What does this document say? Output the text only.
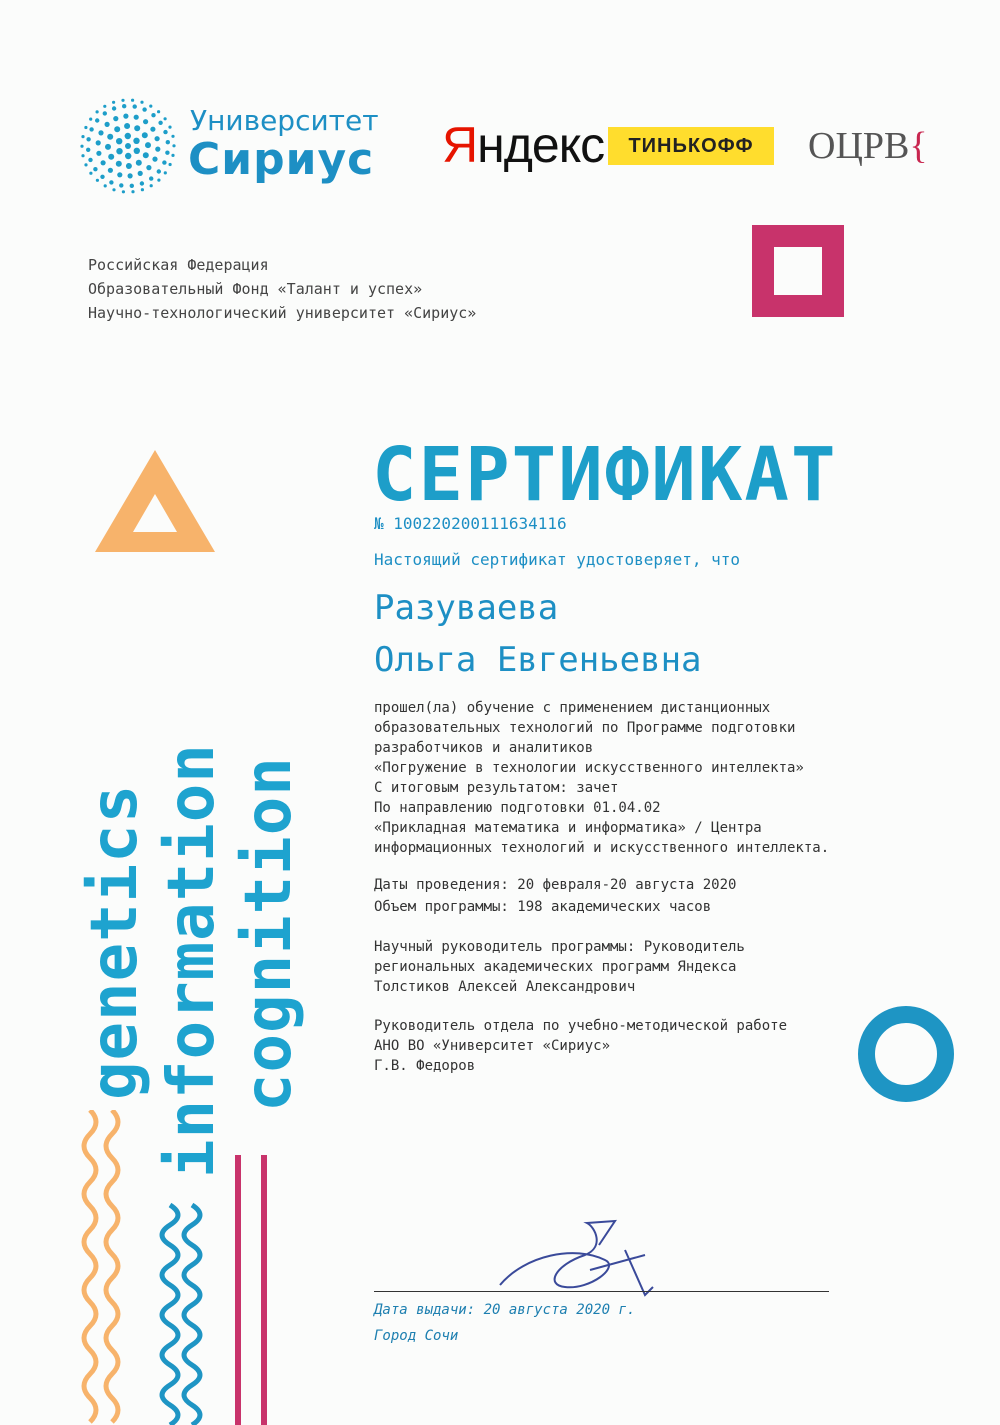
Университет
Сириус Яндекс	ТИНЬКОФФ	ОЦРВ{
Российская Федерация
Образовательный Фонд «Талант и успех»
Научно-технологический университет «Сириус»
СЕРТИФИКАТ
№ 100220200111634116
Настоящий сертификат удостоверяет, что
Разуваева
Ольга Евгеньевна
прошел(ла) обучение с применением дистанционных
образовательных технологий по Программе подготовки
разработчиков и аналитиков
«Погружение в технологии искусственного интеллекта»
С итоговым результатом: зачет
По направлению подготовки 01.04.02
«Прикладная математика и информатика» / Центра
информационных технологий и искусственного интеллекта.
Даты проведения: 20 февраля-20 августа 2020
Объем программы: 198 академических часов
Научный руководитель программы: Руководитель
региональных академических программ Яндекса
Толстиков Алексей Александрович
Руководитель отдела по учебно-методической работе
АНО ВО «Университет «Сириус»
Г.В. Федоров
Дата выдачи: 20 августа 2020 г.
Город Сочи
genetics information cognition
